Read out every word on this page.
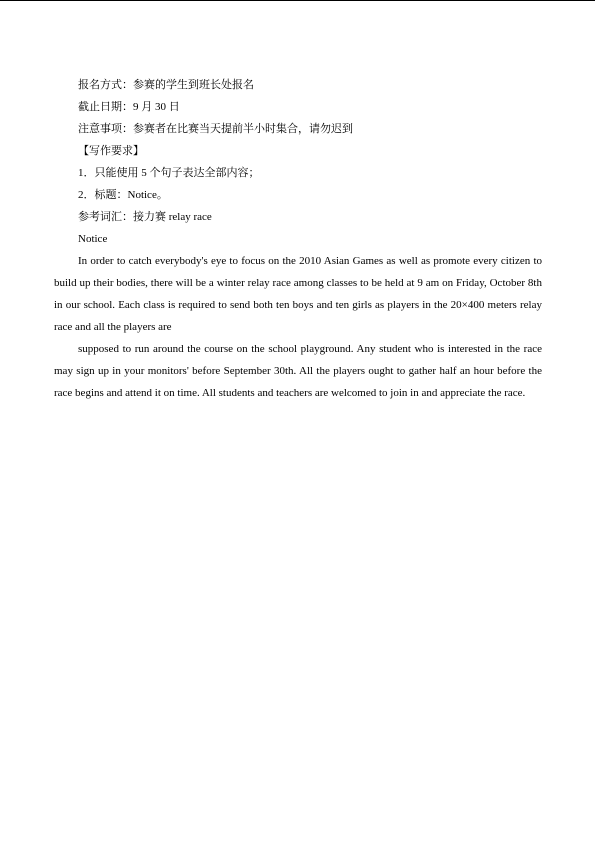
报名方式：参赛的学生到班长处报名
截止日期：9 月 30 日
注意事项：参赛者在比赛当天提前半小时集合，请勿迟到
【写作要求】
1．只能使用 5 个句子表达全部内容；
2．标题：Notice。
参考词汇：接力赛 relay race
Notice
In order to catch everybody's eye to focus on the 2010 Asian Games as well as promote every citizen to build up their bodies, there will be a winter relay race among classes to be held at 9 am on Friday, October 8th in our school. Each class is required to send both ten boys and ten girls as players in the 20×400 meters relay race and all the players are
supposed to run around the course on the school playground. Any student who is interested in the race may sign up in your monitors' before September 30th. All the players ought to gather half an hour before the race begins and attend it on time. All students and teachers are welcomed to join in and appreciate the race.
